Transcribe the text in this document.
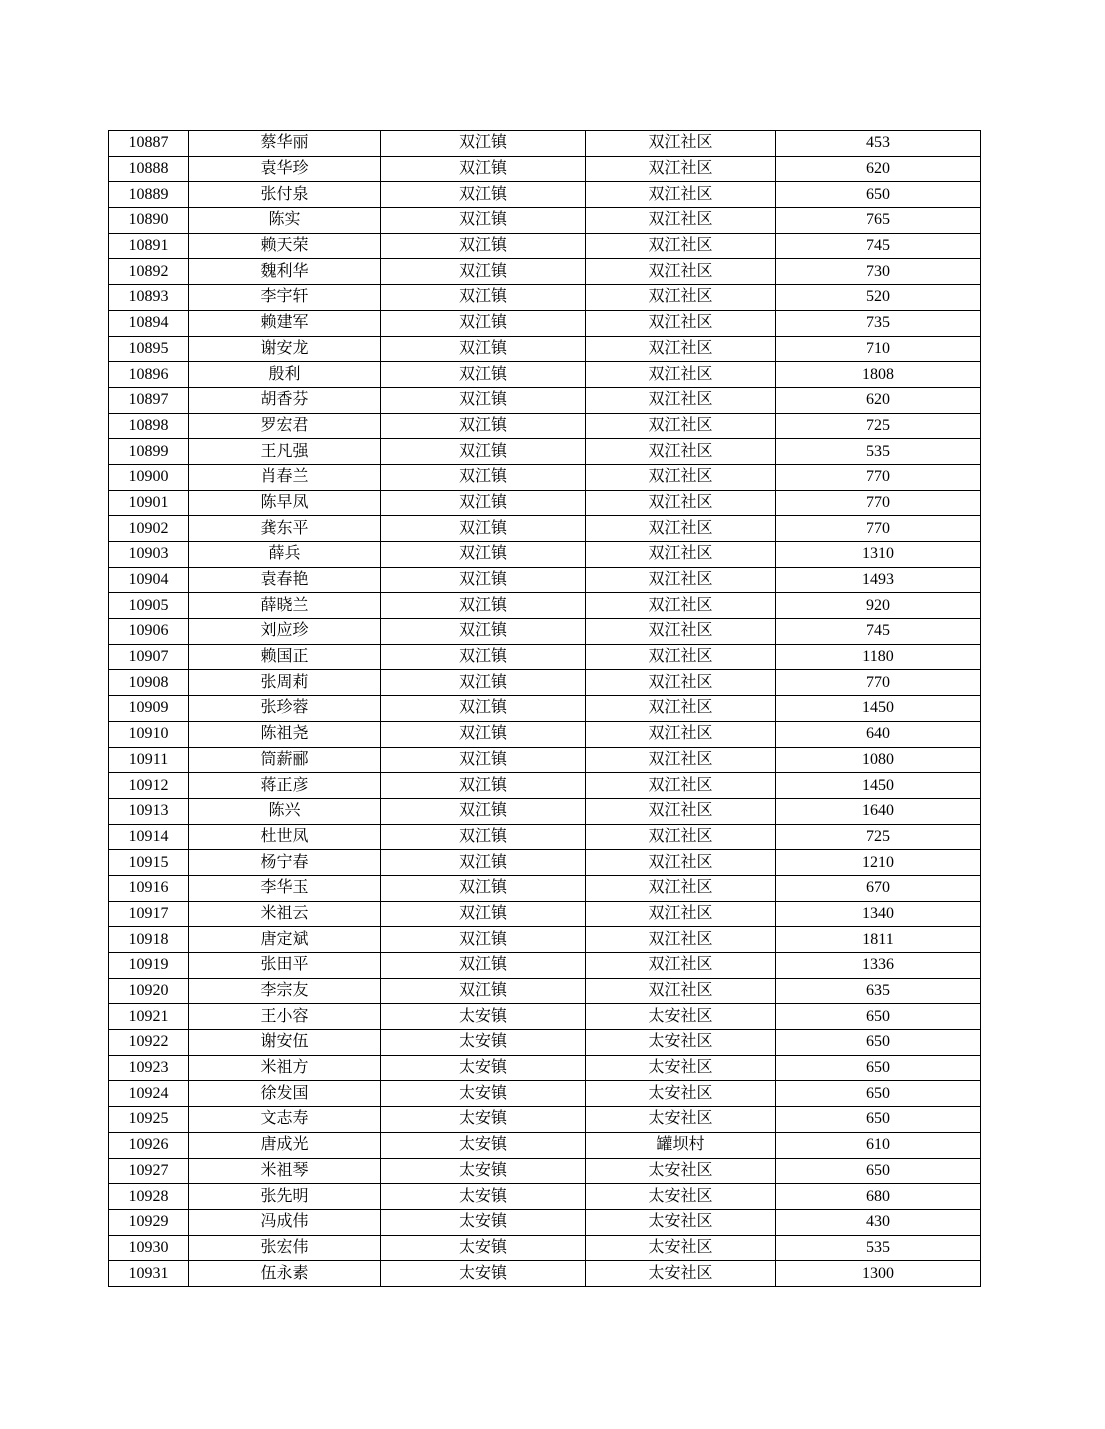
10887	蔡华丽	双江镇	双江社区	453
10888	袁华珍	双江镇	双江社区	620
10889	张付泉	双江镇	双江社区	650
10890	陈实	双江镇	双江社区	765
10891	赖天荣	双江镇	双江社区	745
10892	魏利华	双江镇	双江社区	730
10893	李宇轩	双江镇	双江社区	520
10894	赖建军	双江镇	双江社区	735
10895	谢安龙	双江镇	双江社区	710
10896	殷利	双江镇	双江社区	1808
10897	胡香芬	双江镇	双江社区	620
10898	罗宏君	双江镇	双江社区	725
10899	王凡强	双江镇	双江社区	535
10900	肖春兰	双江镇	双江社区	770
10901	陈早凤	双江镇	双江社区	770
10902	龚东平	双江镇	双江社区	770
10903	薛兵	双江镇	双江社区	1310
10904	袁春艳	双江镇	双江社区	1493
10905	薛晓兰	双江镇	双江社区	920
10906	刘应珍	双江镇	双江社区	745
10907	赖国正	双江镇	双江社区	1180
10908	张周莉	双江镇	双江社区	770
10909	张珍蓉	双江镇	双江社区	1450
10910	陈祖尧	双江镇	双江社区	640
10911	筒薪郦	双江镇	双江社区	1080
10912	蒋正彦	双江镇	双江社区	1450
10913	陈兴	双江镇	双江社区	1640
10914	杜世凤	双江镇	双江社区	725
10915	杨宁春	双江镇	双江社区	1210
10916	李华玉	双江镇	双江社区	670
10917	米祖云	双江镇	双江社区	1340
10918	唐定斌	双江镇	双江社区	1811
10919	张田平	双江镇	双江社区	1336
10920	李宗友	双江镇	双江社区	635
10921	王小容	太安镇	太安社区	650
10922	谢安伍	太安镇	太安社区	650
10923	米祖方	太安镇	太安社区	650
10924	徐发国	太安镇	太安社区	650
10925	文志寿	太安镇	太安社区	650
10926	唐成光	太安镇	罐坝村	610
10927	米祖琴	太安镇	太安社区	650
10928	张先明	太安镇	太安社区	680
10929	冯成伟	太安镇	太安社区	430
10930	张宏伟	太安镇	太安社区	535
10931	伍永素	太安镇	太安社区	1300
